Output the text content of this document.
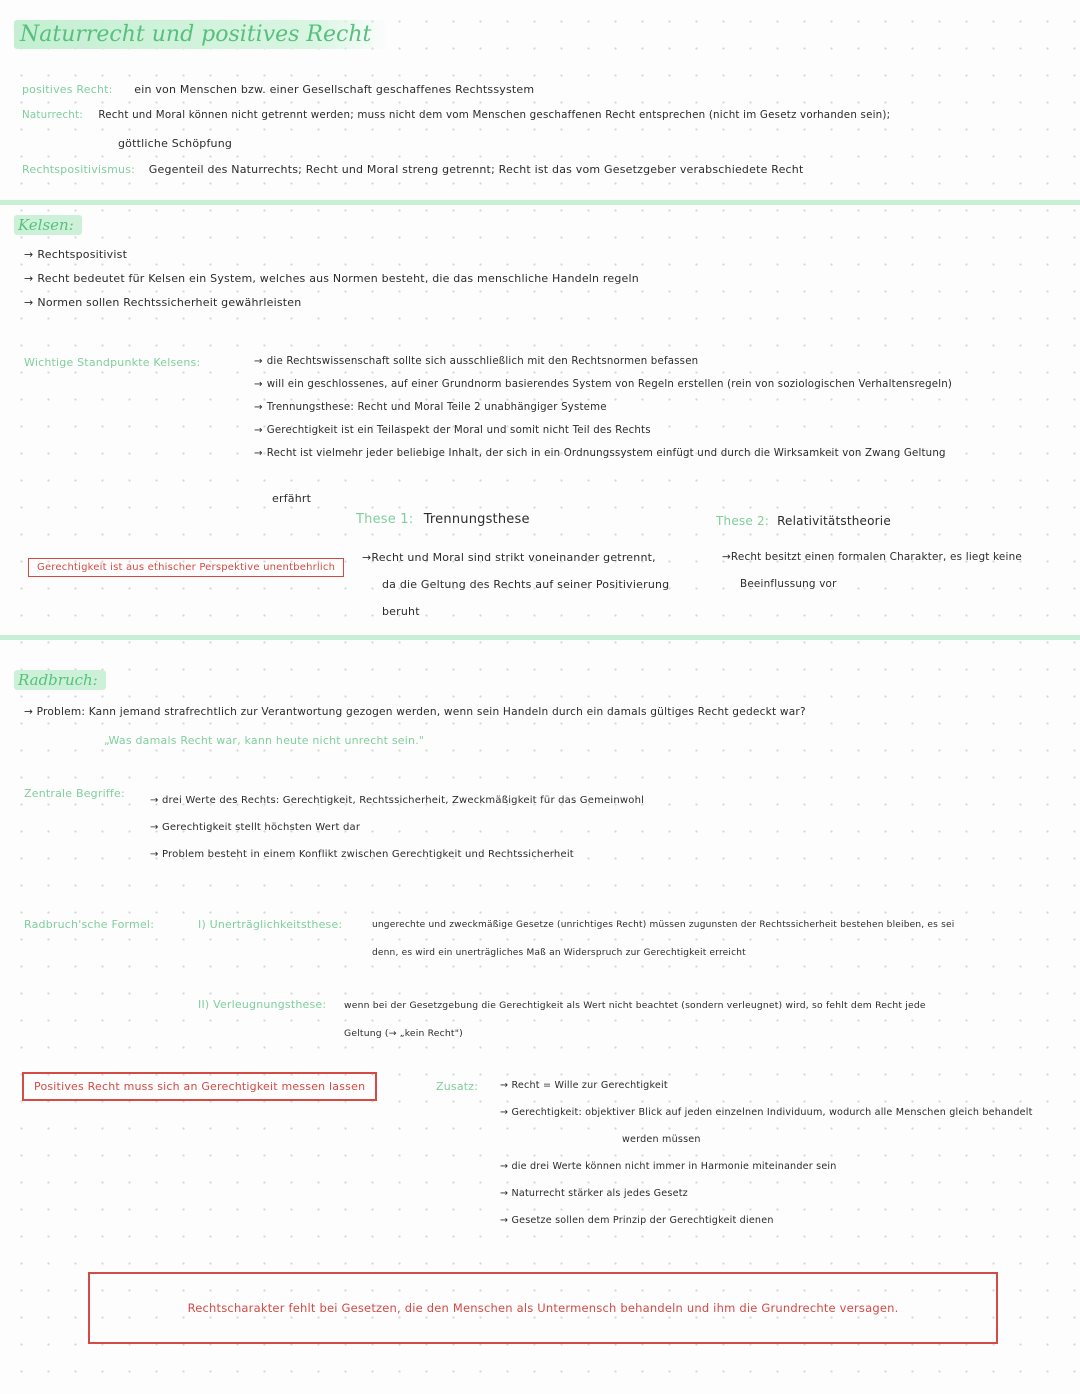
Naturrecht und positives Recht
positives Recht: ein von Menschen bzw. einer Gesellschaft geschaffenes Rechtssystem
Naturrecht: Recht und Moral können nicht getrennt werden; muss nicht dem vom Menschen geschaffenen Recht entsprechen (nicht im Gesetz vorhanden sein);
göttliche Schöpfung
Rechtspositivismus: Gegenteil des Naturrechts; Recht und Moral streng getrennt; Recht ist das vom Gesetzgeber verabschiedete Recht
Kelsen:
→ Rechtspositivist
→ Recht bedeutet für Kelsen ein System, welches aus Normen besteht, die das menschliche Handeln regeln
→ Normen sollen Rechtssicherheit gewährleisten
Wichtige Standpunkte Kelsens:	→ die Rechtswissenschaft sollte sich ausschließlich mit den Rechtsnormen befassen
→ will ein geschlossenes, auf einer Grundnorm basierendes System von Regeln erstellen (rein von soziologischen Verhaltensregeln)
→ Trennungsthese: Recht und Moral Teile 2 unabhängiger Systeme
→ Gerechtigkeit ist ein Teilaspekt der Moral und somit nicht Teil des Rechts
→ Recht ist vielmehr jeder beliebige Inhalt, der sich in ein Ordnungssystem einfügt und durch die Wirksamkeit von Zwang Geltung
erfährt
These 1: Trennungsthese
→Recht und Moral sind strikt voneinander getrennt,
da die Geltung des Rechts auf seiner Positivierung
beruht
These 2: Relativitätstheorie
→Recht besitzt einen formalen Charakter, es liegt keine
Beeinflussung vor
Gerechtigkeit ist aus ethischer Perspektive unentbehrlich
Radbruch:
→ Problem: Kann jemand strafrechtlich zur Verantwortung gezogen werden, wenn sein Handeln durch ein damals gültiges Recht gedeckt war?
„Was damals Recht war, kann heute nicht unrecht sein."
Zentrale Begriffe:
→ drei Werte des Rechts: Gerechtigkeit, Rechtssicherheit, Zweckmäßigkeit für das Gemeinwohl
→ Gerechtigkeit stellt höchsten Wert dar
→ Problem besteht in einem Konflikt zwischen Gerechtigkeit und Rechtssicherheit
Radbruch'sche Formel:	I) Unerträglichkeitsthese:	ungerechte und zweckmäßige Gesetze (unrichtiges Recht) müssen zugunsten der Rechtssicherheit bestehen bleiben, es sei
denn, es wird ein unerträgliches Maß an Widerspruch zur Gerechtigkeit erreicht
II) Verleugnungsthese: wenn bei der Gesetzgebung die Gerechtigkeit als Wert nicht beachtet (sondern verleugnet) wird, so fehlt dem Recht jede
Geltung (→ „kein Recht")
Positives Recht muss sich an Gerechtigkeit messen lassen	Zusatz: → Recht = Wille zur Gerechtigkeit
→ Gerechtigkeit: objektiver Blick auf jeden einzelnen Individuum, wodurch alle Menschen gleich behandelt
werden müssen
→ die drei Werte können nicht immer in Harmonie miteinander sein
→ Naturrecht stärker als jedes Gesetz
→ Gesetze sollen dem Prinzip der Gerechtigkeit dienen
Rechtscharakter fehlt bei Gesetzen, die den Menschen als Untermensch behandeln und ihm die Grundrechte versagen.
